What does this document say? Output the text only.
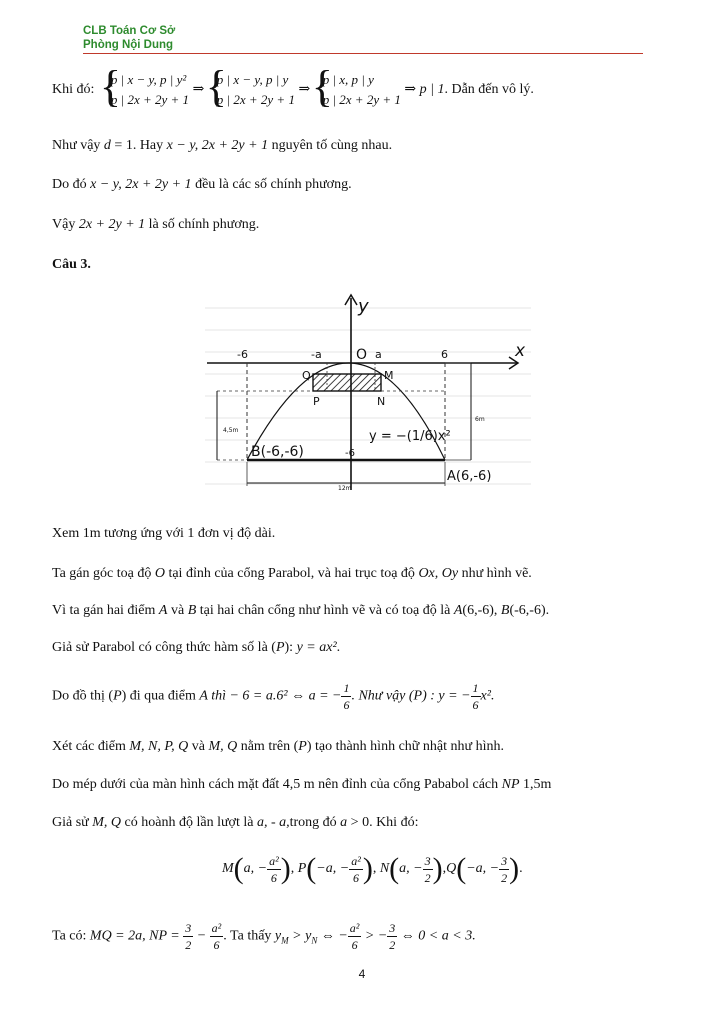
CLB Toán Cơ Sở
Phòng Nội Dung
Khi đó: { p | x − y, p | y²
p | 2x + 2y + 1 ⇒ { p | x − y, p | y
p | 2x + 2y + 1 ⇒ { p | x, p | y
p | 2x + 2y + 1 ⇒ p | 1. Dẫn đến vô lý.
Như vậy d = 1. Hay x − y, 2x + 2y + 1 nguyên tố cùng nhau.
Do đó x − y, 2x + 2y + 1 đều là các số chính phương.
Vậy 2x + 2y + 1 là số chính phương.
Câu 3.
y
x
-6	-a O a	6
Q	M
P	N
4,5m
6m
12m
B(-6,-6)
A(6,-6)
-6
y = −(1/6)x²
Xem 1m tương ứng với 1 đơn vị độ dài.
Ta gán góc toạ độ O tại đỉnh của cổng Parabol, và hai trục toạ độ Ox, Oy như hình vẽ.
Vì ta gán hai điểm A và B tại hai chân cổng như hình vẽ và có toạ độ là A(6,-6), B(-6,-6).
Giả sử Parabol có công thức hàm số là (P): y = ax².
Do đồ thị (P) đi qua điểm A thì − 6 = a.6² ⇔ a = − $\frac{1}{6}$ . Như vậy (P) : y = − $\frac{1}{6} x^2$.
Xét các điểm M, N, P, Q và M, Q nằm trên (P) tạo thành hình chữ nhật như hình.
Do mép dưới của màn hình cách mặt đất 4,5 m nên đỉnh của cổng Pababol cách NP 1,5m
Giả sử M, Q có hoành độ lần lượt là a, - a,trong đó a > 0. Khi đó:
M(a, − $\frac{\text{a²}}{6}$ ), P(−a, − $\frac{\text{a²}}{6}$ ), N(a, − $\frac{3}{2} ),Q(-a$, − $\frac{3}{2}$ ).
Ta có: MQ = 2a, NP = $\frac{3}{2} - \frac{\text{a²}}{6}$ . Ta thấy $y_M > y_N$ ⇔ − $\frac{\text{a²}}{6}$ > − $\frac{3}{2}$ ⇔ 0 < a < 3.
4
